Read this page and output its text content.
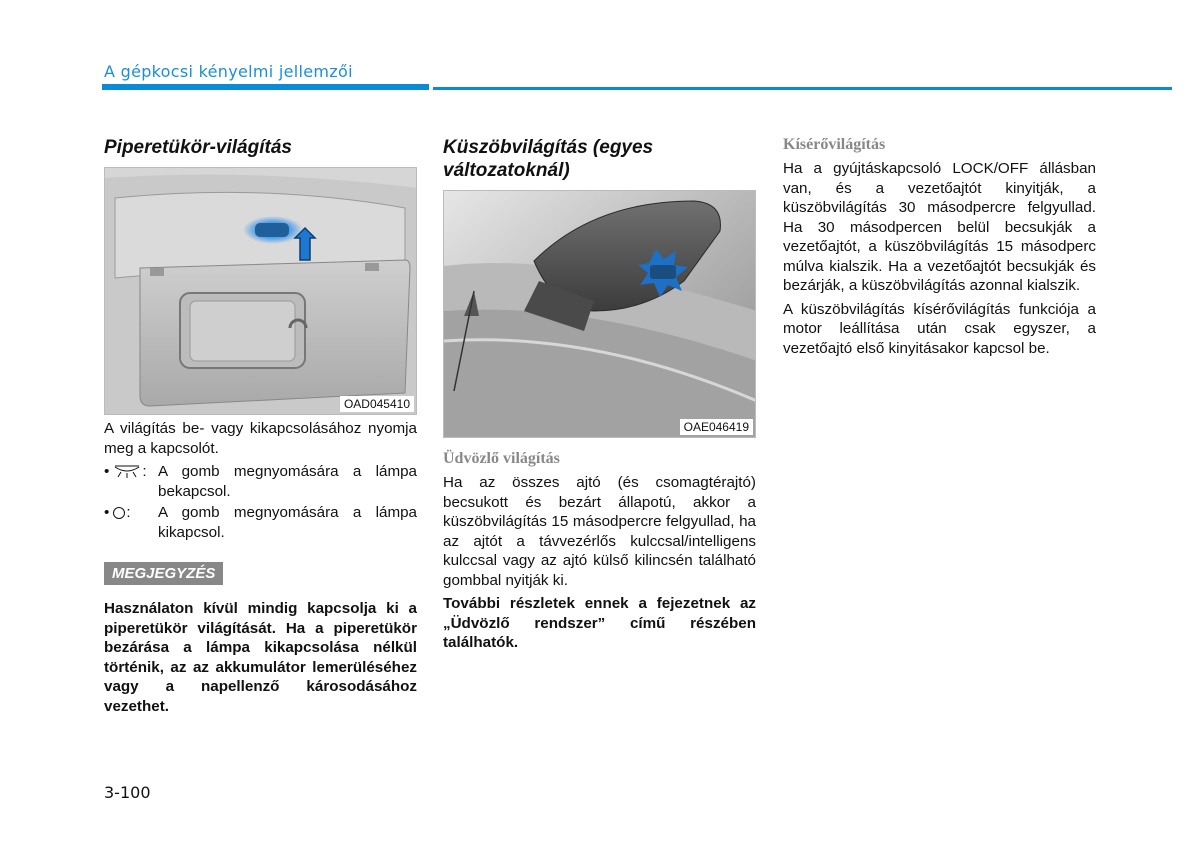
A gépkocsi kényelmi jellemzői
Piperetükör-világítás
OAD045410

A világítás be- vagy kikapcsolásához nyomja meg a kapcsolót.

• : A gomb megnyomására a lámpa bekapcsol.
• : A gomb megnyomására a lámpa kikapcsol.
MEGJEGYZÉS

Használaton kívül mindig kapcsolja ki a piperetükör világítását. Ha a piperetükör bezárása a lámpa kikapcsolása nélkül történik, az az akkumulátor lemerüléséhez vagy a napellenző károsodásához vezethet.

Küszöbvilágítás (egyes változatoknál)
OAE046419
Üdvözlő világítás

Ha az összes ajtó (és csomagtérajtó) becsukott és bezárt állapotú, akkor a küszöbvilágítás 15 másodpercre felgyullad, ha az ajtót a távvezérlős kulccsal/intelligens kulccsal vagy az ajtó külső kilincsén található gombbal nyitják ki.

További részletek ennek a fejezetnek az „Üdvözlő rendszer” című részében találhatók.

Kísérővilágítás

Ha a gyújtáskapcsoló LOCK/OFF állásban van, és a vezetőajtót kinyitják, a küszöbvilágítás 30 másodpercre felgyullad. Ha 30 másodpercen belül becsukják a vezetőajtót, a küszöbvilágítás 15 másodperc múlva kialszik. Ha a vezetőajtót becsukják és bezárják, a küszöbvilágítás azonnal kialszik.

A küszöbvilágítás kísérővilágítás funkciója a motor leállítása után csak egyszer, a vezetőajtó első kinyitásakor kapcsol be.

3-100
